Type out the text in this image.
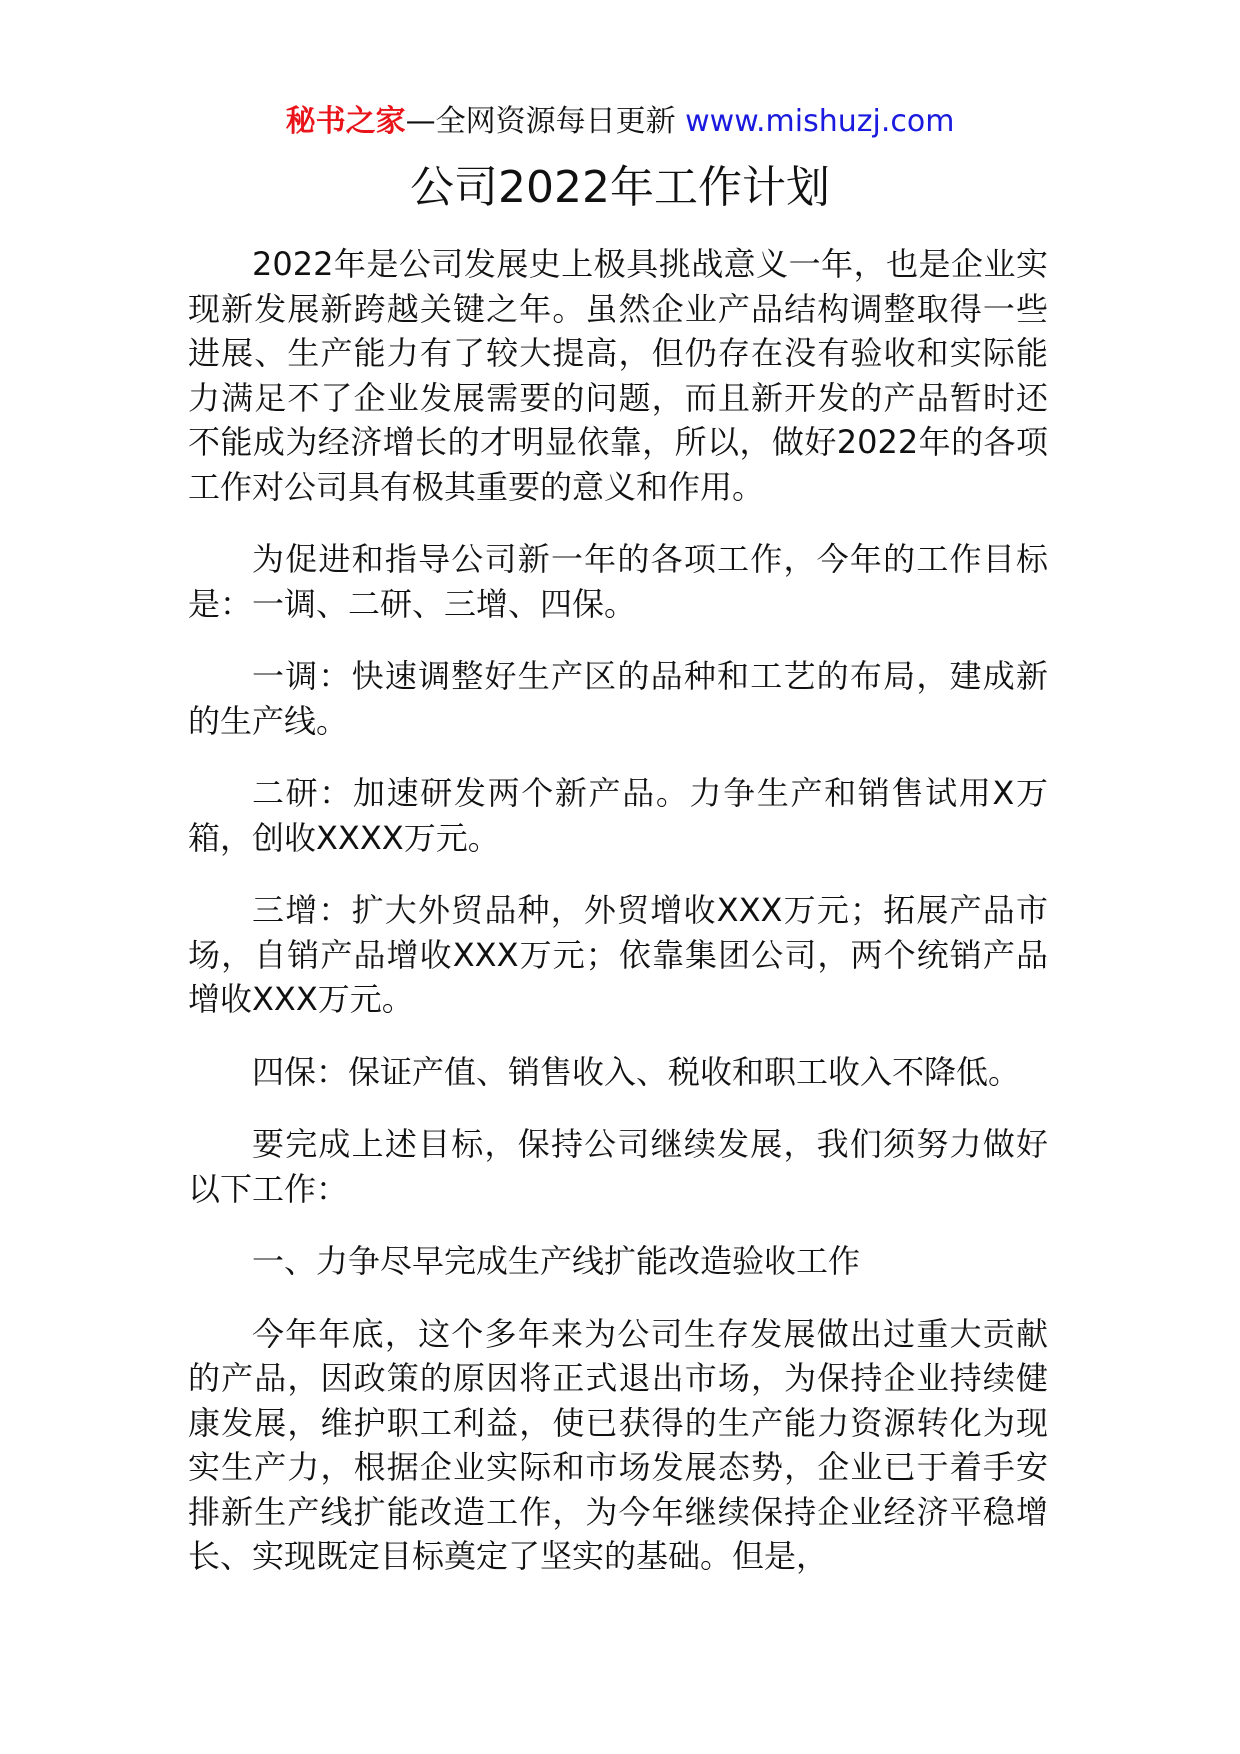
秘书之家—全网资源每日更新 www.mishuzj.com
公司2022年工作计划

2022年是公司发展史上极具挑战意义一年，也是企业实现新发展新跨越关键之年。虽然企业产品结构调整取得一些进展、生产能力有了较大提高，但仍存在没有验收和实际能力满足不了企业发展需要的问题，而且新开发的产品暂时还不能成为经济增长的才明显依靠，所以，做好2022年的各项工作对公司具有极其重要的意义和作用。

为促进和指导公司新一年的各项工作，今年的工作目标是：一调、二研、三增、四保。

一调：快速调整好生产区的品种和工艺的布局，建成新的生产线。

二研：加速研发两个新产品。力争生产和销售试用X万箱，创收XXXX万元。

三增：扩大外贸品种，外贸增收XXX万元；拓展产品市场，自销产品增收XXX万元；依靠集团公司，两个统销产品增收XXX万元。

四保：保证产值、销售收入、税收和职工收入不降低。

要完成上述目标，保持公司继续发展，我们须努力做好以下工作：

一、力争尽早完成生产线扩能改造验收工作

今年年底，这个多年来为公司生存发展做出过重大贡献的产品，因政策的原因将正式退出市场，为保持企业持续健康发展，维护职工利益，使已获得的生产能力资源转化为现实生产力，根据企业实际和市场发展态势，企业已于着手安排新生产线扩能改造工作，为今年继续保持企业经济平稳增长、实现既定目标奠定了坚实的基础。但是，
